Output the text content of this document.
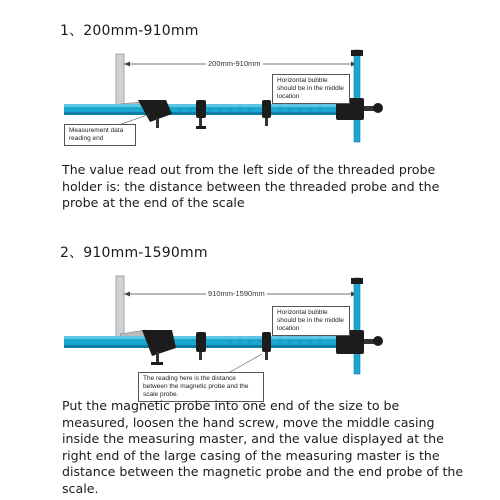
1、200mm-910mm
200mm-910mm
Horizontal bubble should be in the middle location
Measurement data reading end
The value read out from the left side of the threaded probe holder is: the distance between the threaded probe and the probe at the end of the scale
2、910mm-1590mm
910mm-1590mm
Horizontal bubble should be in the middle location
The reading here is the distance between the magnetic probe and the scale probe.
Put the magnetic probe into one end of the size to be measured, loosen the hand screw, move the middle casing inside the measuring master, and the value displayed at the right end of the large casing of the measuring master is the distance between the magnetic probe and the end probe of the scale.
